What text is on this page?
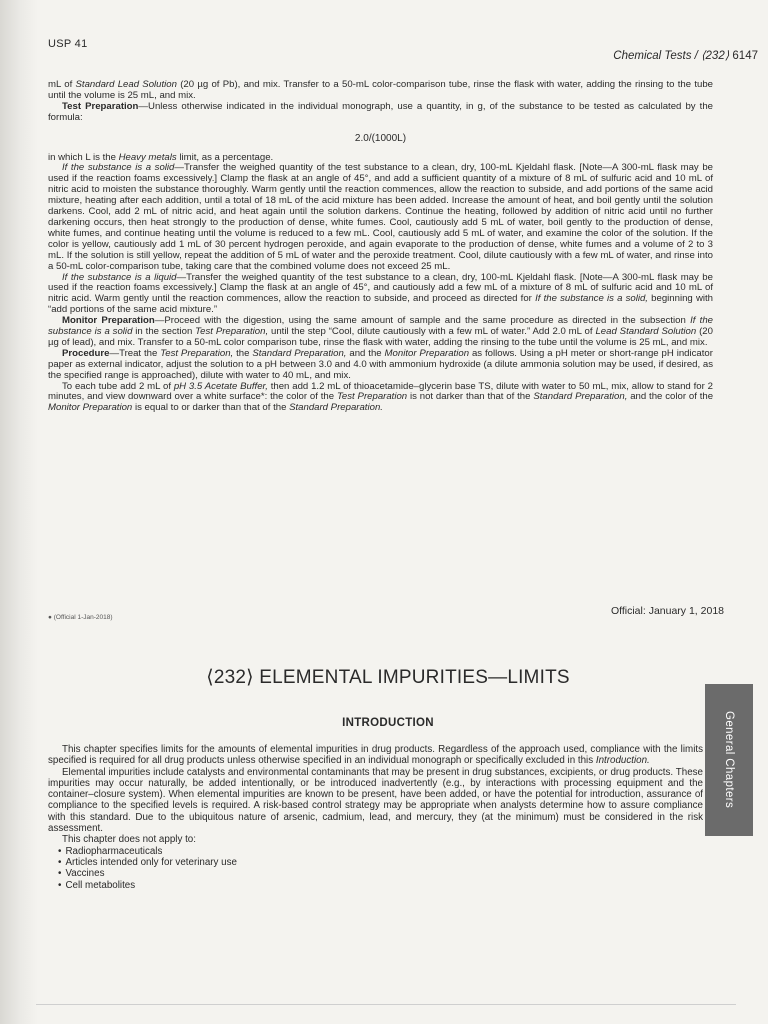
USP 41
Chemical Tests / ⟨232⟩ 6147

mL of Standard Lead Solution (20 µg of Pb), and mix. Transfer to a 50-mL color-comparison tube, rinse the flask with water, adding the rinsing to the tube until the volume is 25 mL, and mix.

Test Preparation—Unless otherwise indicated in the individual monograph, use a quantity, in g, of the substance to be tested as calculated by the formula:

2.0/(1000L)

in which L is the Heavy metals limit, as a percentage.

If the substance is a solid—Transfer the weighed quantity of the test substance to a clean, dry, 100-mL Kjeldahl flask. [Note—A 300-mL flask may be used if the reaction foams excessively.] Clamp the flask at an angle of 45°, and add a sufficient quantity of a mixture of 8 mL of sulfuric acid and 10 mL of nitric acid to moisten the substance thoroughly. Warm gently until the reaction commences, allow the reaction to subside, and add portions of the same acid mixture, heating after each addition, until a total of 18 mL of the acid mixture has been added. Increase the amount of heat, and boil gently until the solution darkens. Cool, add 2 mL of nitric acid, and heat again until the solution darkens. Continue the heating, followed by addition of nitric acid until no further darkening occurs, then heat strongly to the production of dense, white fumes. Cool, cautiously add 5 mL of water, boil gently to the production of dense, white fumes, and continue heating until the volume is reduced to a few mL. Cool, cautiously add 5 mL of water, and examine the color of the solution. If the color is yellow, cautiously add 1 mL of 30 percent hydrogen peroxide, and again evaporate to the production of dense, white fumes and a volume of 2 to 3 mL. If the solution is still yellow, repeat the addition of 5 mL of water and the peroxide treatment. Cool, dilute cautiously with a few mL of water, and rinse into a 50-mL color-comparison tube, taking care that the combined volume does not exceed 25 mL.

If the substance is a liquid—Transfer the weighed quantity of the test substance to a clean, dry, 100-mL Kjeldahl flask. [Note—A 300-mL flask may be used if the reaction foams excessively.] Clamp the flask at an angle of 45°, and cautiously add a few mL of a mixture of 8 mL of sulfuric acid and 10 mL of nitric acid. Warm gently until the reaction commences, allow the reaction to subside, and proceed as directed for If the substance is a solid, beginning with “add portions of the same acid mixture.”

Monitor Preparation—Proceed with the digestion, using the same amount of sample and the same procedure as directed in the subsection If the substance is a solid in the section Test Preparation, until the step “Cool, dilute cautiously with a few mL of water.” Add 2.0 mL of Lead Standard Solution (20 µg of lead), and mix. Transfer to a 50-mL color comparison tube, rinse the flask with water, adding the rinsing to the tube until the volume is 25 mL, and mix.

Procedure—Treat the Test Preparation, the Standard Preparation, and the Monitor Preparation as follows. Using a pH meter or short-range pH indicator paper as external indicator, adjust the solution to a pH between 3.0 and 4.0 with ammonium hydroxide (a dilute ammonia solution may be used, if desired, as the specified range is approached), dilute with water to 40 mL, and mix.

To each tube add 2 mL of pH 3.5 Acetate Buffer, then add 1.2 mL of thioacetamide–glycerin base TS, dilute with water to 50 mL, mix, allow to stand for 2 minutes, and view downward over a white surface*: the color of the Test Preparation is not darker than that of the Standard Preparation, and the color of the Monitor Preparation is equal to or darker than that of the Standard Preparation.

Official: January 1, 2018
● (Official 1-Jan-2018)
⟨232⟩ ELEMENTAL IMPURITIES—LIMITS
INTRODUCTION

This chapter specifies limits for the amounts of elemental impurities in drug products. Regardless of the approach used, compliance with the limits specified is required for all drug products unless otherwise specified in an individual monograph or specifically excluded in this Introduction.

Elemental impurities include catalysts and environmental contaminants that may be present in drug substances, excipients, or drug products. These impurities may occur naturally, be added intentionally, or be introduced inadvertently (e.g., by interactions with processing equipment and the container–closure system). When elemental impurities are known to be present, have been added, or have the potential for introduction, assurance of compliance to the specified levels is required. A risk-based control strategy may be appropriate when analysts determine how to assure compliance with this standard. Due to the ubiquitous nature of arsenic, cadmium, lead, and mercury, they (at the minimum) must be considered in the risk assessment.

This chapter does not apply to:

• Radiopharmaceuticals
• Articles intended only for veterinary use
• Vaccines
• Cell metabolites
General Chapters
